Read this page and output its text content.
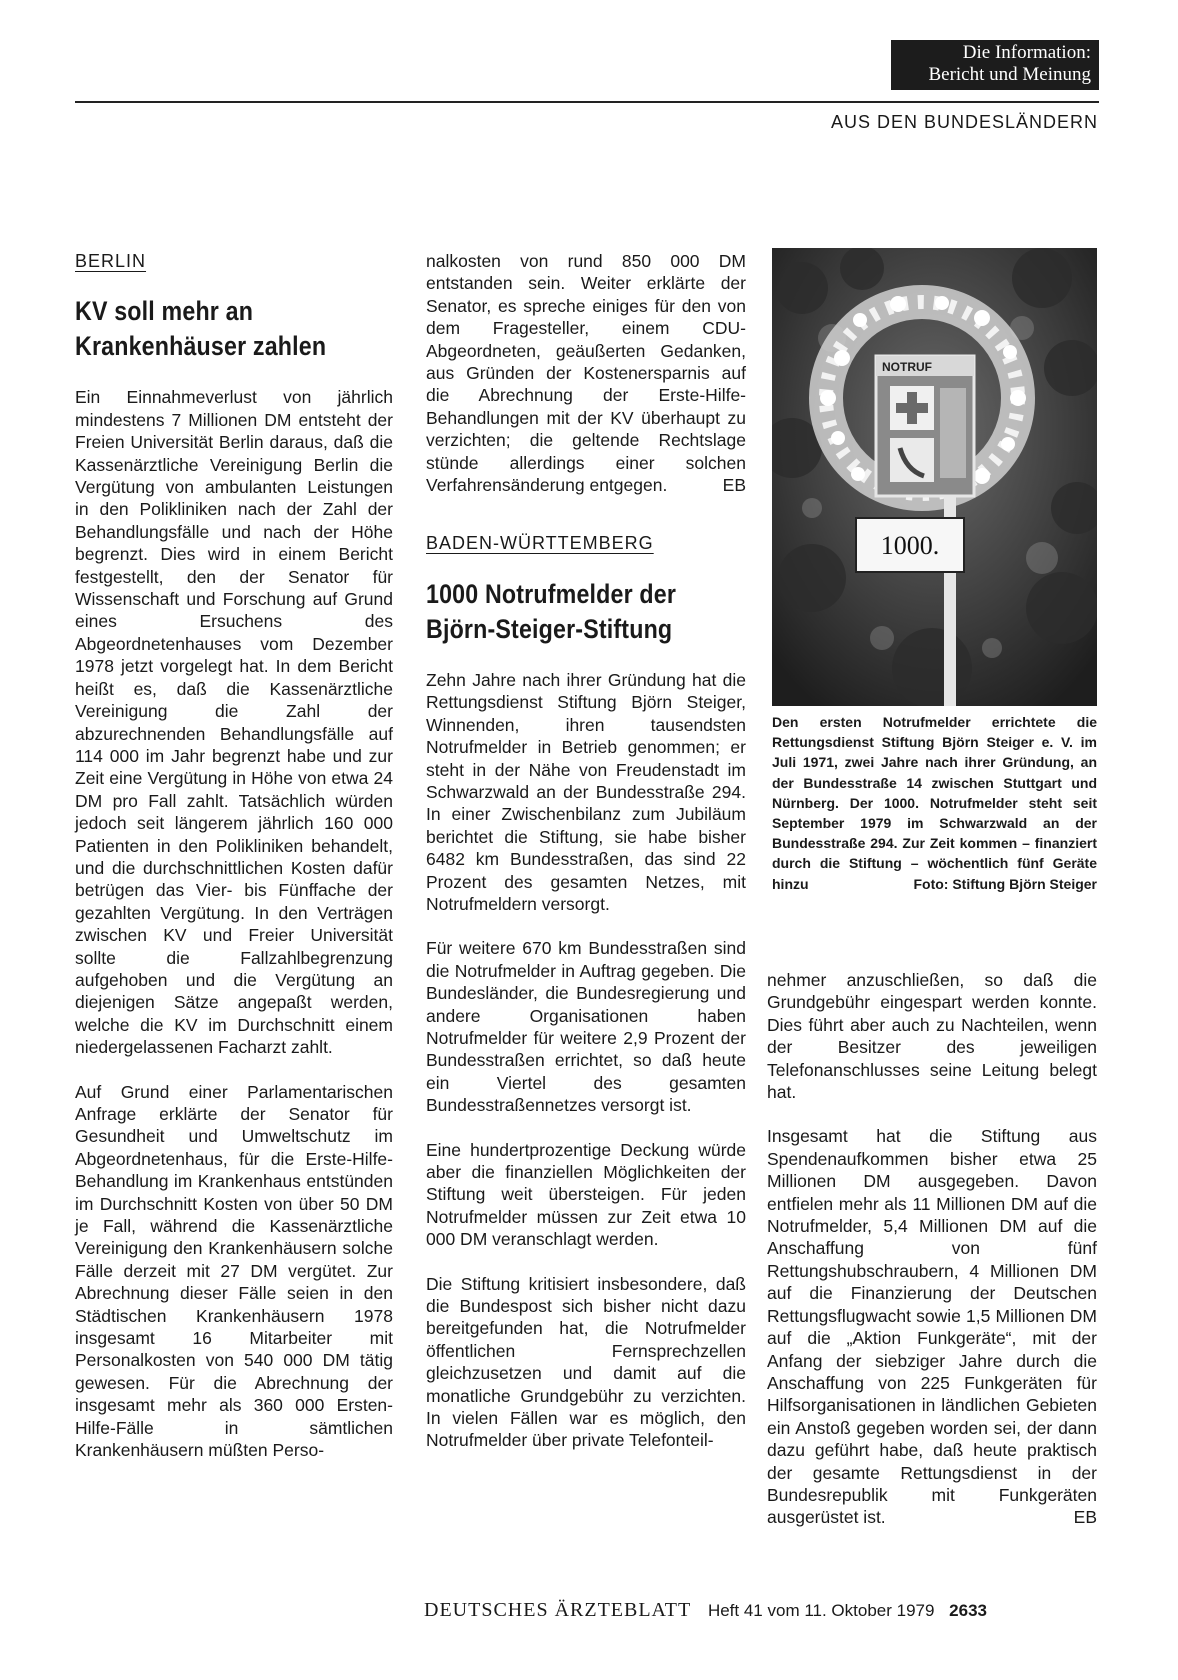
Die Information:
Bericht und Meinung
AUS DEN BUNDESLÄNDERN
BERLIN
KV soll mehr an
Krankenhäuser zahlen

Ein Einnahmeverlust von jährlich mindestens 7 Millionen DM entsteht der Freien Universität Berlin daraus, daß die Kassenärztliche Vereinigung Berlin die Vergütung von ambulanten Leistungen in den Polikliniken nach der Zahl der Behandlungsfälle und nach der Höhe begrenzt. Dies wird in einem Bericht festgestellt, den der Senator für Wissenschaft und Forschung auf Grund eines Ersuchens des Abgeordnetenhauses vom Dezember 1978 jetzt vorgelegt hat. In dem Bericht heißt es, daß die Kassenärztliche Vereinigung die Zahl der abzurechnenden Behandlungsfälle auf 114 000 im Jahr begrenzt habe und zur Zeit eine Vergütung in Höhe von etwa 24 DM pro Fall zahlt. Tatsächlich würden jedoch seit längerem jährlich 160 000 Patienten in den Polikliniken behandelt, und die durchschnittlichen Kosten dafür betrügen das Vier- bis Fünffache der gezahlten Vergütung. In den Verträgen zwischen KV und Freier Universität sollte die Fallzahlbegrenzung aufgehoben und die Vergütung an diejenigen Sätze angepaßt werden, welche die KV im Durchschnitt einem niedergelassenen Facharzt zahlt.

Auf Grund einer Parlamentarischen Anfrage erklärte der Senator für Gesundheit und Umweltschutz im Abgeordnetenhaus, für die Erste-Hilfe-Behandlung im Krankenhaus entstünden im Durchschnitt Kosten von über 50 DM je Fall, während die Kassenärztliche Vereinigung den Krankenhäusern solche Fälle derzeit mit 27 DM vergütet. Zur Abrechnung dieser Fälle seien in den Städtischen Krankenhäusern 1978 insgesamt 16 Mitarbeiter mit Personalkosten von 540 000 DM tätig gewesen. Für die Abrechnung der insgesamt mehr als 360 000 Ersten-Hilfe-Fälle in sämtlichen Krankenhäusern müßten Perso-

nalkosten von rund 850 000 DM entstanden sein. Weiter erklärte der Senator, es spreche einiges für den von dem Fragesteller, einem CDU-Abgeordneten, geäußerten Gedanken, aus Gründen der Kostenersparnis auf die Abrechnung der Erste-Hilfe-Behandlungen mit der KV überhaupt zu verzichten; die geltende Rechtslage stünde allerdings einer solchen Verfahrensänderung entgegen.	EB

BADEN-WÜRTTEMBERG
1000 Notrufmelder der
Björn-Steiger-Stiftung

Zehn Jahre nach ihrer Gründung hat die Rettungsdienst Stiftung Björn Steiger, Winnenden, ihren tausendsten Notrufmelder in Betrieb genommen; er steht in der Nähe von Freudenstadt im Schwarzwald an der Bundesstraße 294. In einer Zwischenbilanz zum Jubiläum berichtet die Stiftung, sie habe bisher 6482 km Bundesstraßen, das sind 22 Prozent des gesamten Netzes, mit Notrufmeldern versorgt.

Für weitere 670 km Bundesstraßen sind die Notrufmelder in Auftrag gegeben. Die Bundesländer, die Bundesregierung und andere Organisationen haben Notrufmelder für weitere 2,9 Prozent der Bundesstraßen errichtet, so daß heute ein Viertel des gesamten Bundesstraßennetzes versorgt ist.

Eine hundertprozentige Deckung würde aber die finanziellen Möglichkeiten der Stiftung weit übersteigen. Für jeden Notrufmelder müssen zur Zeit etwa 10 000 DM veranschlagt werden.

Die Stiftung kritisiert insbesondere, daß die Bundespost sich bisher nicht dazu bereitgefunden hat, die Notrufmelder öffentlichen Fernsprechzellen gleichzusetzen und damit auf die monatliche Grundgebühr zu verzichten. In vielen Fällen war es möglich, den Notrufmelder über private Telefonteil-

NOTRUF
1000.
Den ersten Notrufmelder errichtete die Rettungsdienst Stiftung Björn Steiger e. V. im Juli 1971, zwei Jahre nach ihrer Gründung, an der Bundesstraße 14 zwischen Stuttgart und Nürnberg. Der 1000. Notrufmelder steht seit September 1979 im Schwarzwald an der Bundesstraße 294. Zur Zeit kommen – finanziert durch die Stiftung – wöchentlich fünf Geräte hinzu	Foto: Stiftung Björn Steiger

nehmer anzuschließen, so daß die Grundgebühr eingespart werden konnte. Dies führt aber auch zu Nachteilen, wenn der Besitzer des jeweiligen Telefonanschlusses seine Leitung belegt hat.

Insgesamt hat die Stiftung aus Spendenaufkommen bisher etwa 25 Millionen DM ausgegeben. Davon entfielen mehr als 11 Millionen DM auf die Notrufmelder, 5,4 Millionen DM auf die Anschaffung von fünf Rettungshubschraubern, 4 Millionen DM auf die Finanzierung der Deutschen Rettungsflugwacht sowie 1,5 Millionen DM auf die „Aktion Funkgeräte“, mit der Anfang der siebziger Jahre durch die Anschaffung von 225 Funkgeräten für Hilfsorganisationen in ländlichen Gebieten ein Anstoß gegeben worden sei, der dann dazu geführt habe, daß heute praktisch der gesamte Rettungsdienst in der Bundesrepublik mit Funkgeräten ausgerüstet ist.	EB

DEUTSCHES ÄRZTEBLATT Heft 41 vom 11. Oktober 1979 2633
